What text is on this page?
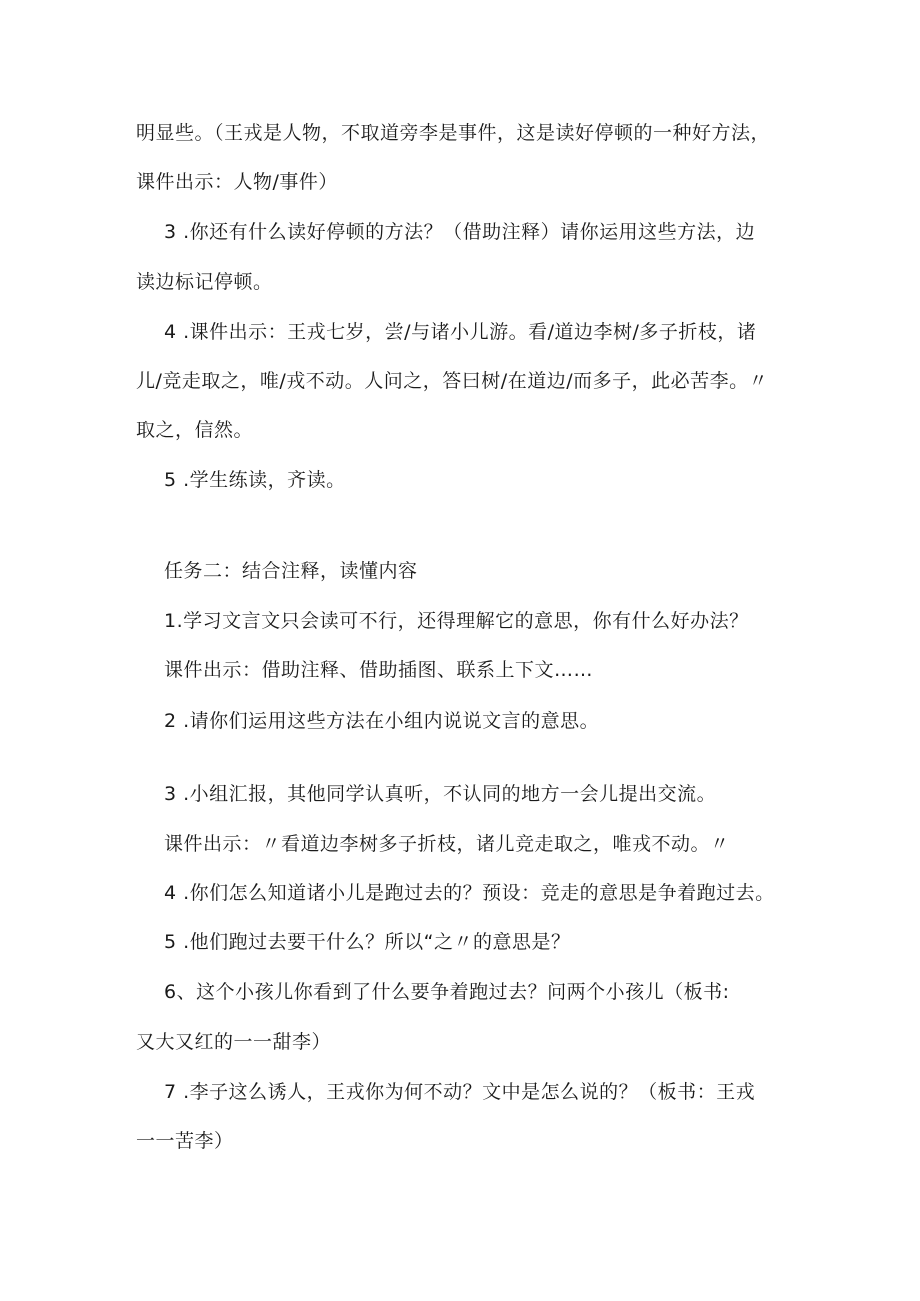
明显些。（王戎是人物，不取道旁李是事件，这是读好停顿的一种好方法，
课件出示：人物/事件）
3 .你还有什么读好停顿的方法？（借助注释）请你运用这些方法，边
读边标记停顿。
4 .课件出示：王戎七岁，尝/与诸小儿游。看/道边李树/多子折枝，诸
儿/竞走取之，唯/戎不动。人问之，答曰树/在道边/而多子，此必苦李。〃
取之，信然。
5 .学生练读，齐读。
任务二：结合注释，读懂内容
1.学习文言文只会读可不行，还得理解它的意思，你有什么好办法？
课件出示：借助注释、借助插图、联系上下文……
2 .请你们运用这些方法在小组内说说文言的意思。
3 .小组汇报，其他同学认真听，不认同的地方一会儿提出交流。
课件出示：〃看道边李树多子折枝，诸儿竞走取之，唯戎不动。〃
4 .你们怎么知道诸小儿是跑过去的？预设：竞走的意思是争着跑过去。
5 .他们跑过去要干什么？所以“之〃的意思是？
6、这个小孩儿你看到了什么要争着跑过去？问两个小孩儿（板书:
又大又红的一一甜李）
7 .李子这么诱人，王戎你为何不动？文中是怎么说的？（板书：王戎
一一苦李）
